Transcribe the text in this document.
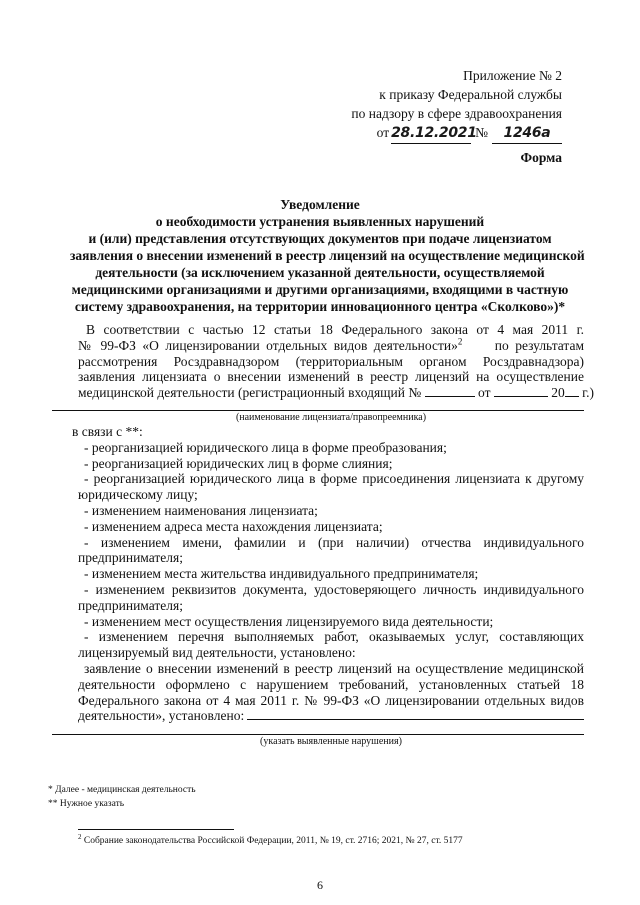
Приложение № 2
к приказу Федеральной службы
по надзору в сфере здравоохранения
от 28.12.2021
№	1246а
Форма
Уведомление
о необходимости устранения выявленных нарушений
и (или) представления отсутствующих документов при подаче лицензиатом
заявления о внесении изменений в реестр лицензий на осуществление медицинской
деятельности (за исключением указанной деятельности, осуществляемой
медицинскими организациями и другими организациями, входящими в частную
систему здравоохранения, на территории инновационного центра «Сколково»)*
В соответствии с частью 12 статьи 18 Федерального закона от 4 мая 2011 г.
№ 99-ФЗ «О лицензировании отдельных видов деятельности»$^2$ по результатам
рассмотрения Росздравнадзором (территориальным органом Росздравнадзора)
заявления лицензиата о внесении изменений в реестр лицензий на осуществление
медицинской деятельности (регистрационный входящий №	от	20 г.)
(наименование лицензиата/правопреемника)
в связи с **:
- реорганизацией юридического лица в форме преобразования;
- реорганизацией юридических лиц в форме слияния;
- реорганизацией юридического лица в форме присоединения лицензиата к другому
юридическому лицу;
- изменением наименования лицензиата;
- изменением адреса места нахождения лицензиата;
- изменением имени, фамилии и (при наличии) отчества индивидуального
предпринимателя;
- изменением места жительства индивидуального предпринимателя;
- изменением реквизитов документа, удостоверяющего личность индивидуального
предпринимателя;
- изменением мест осуществления лицензируемого вида деятельности;
- изменением перечня выполняемых работ, оказываемых услуг, составляющих
лицензируемый вид деятельности, установлено:
заявление о внесении изменений в реестр лицензий на осуществление медицинской
деятельности оформлено с нарушением требований, установленных статьей 18
Федерального закона от 4 мая 2011 г. № 99-ФЗ «О лицензировании отдельных видов
деятельности», установлено:
(указать выявленные нарушения)
* Далее - медицинская деятельность
** Нужное указать
$^2$ Собрание законодательства Российской Федерации, 2011, № 19, ст. 2716; 2021, № 27, ст. 5177
6
